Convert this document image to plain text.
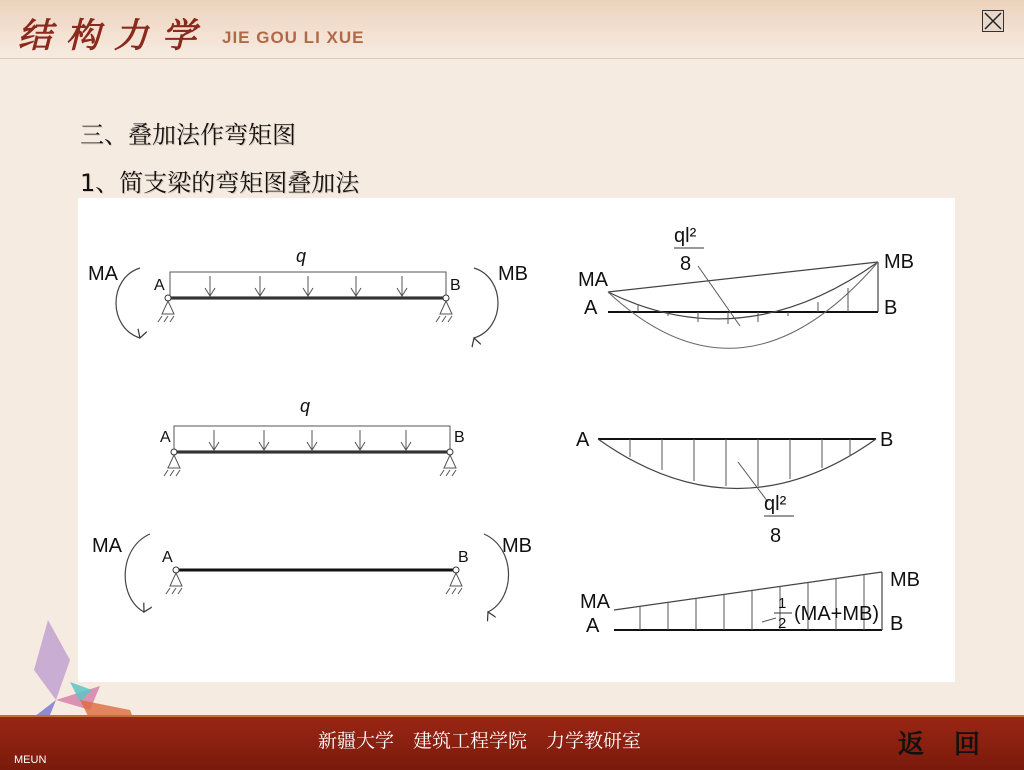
结构力学 JIE GOU LI XUE
三、叠加法作弯矩图
1、简支梁的弯矩图叠加法
MA	MB
A	B
q
MA
MB
A	B
ql²
8
A	B
q
A	B
ql²
8
MA	MB
A	B
MA
MB
A	B
1
2 (MA+MB)
新疆大学　建筑工程学院　力学教研室
MEUN	返回
